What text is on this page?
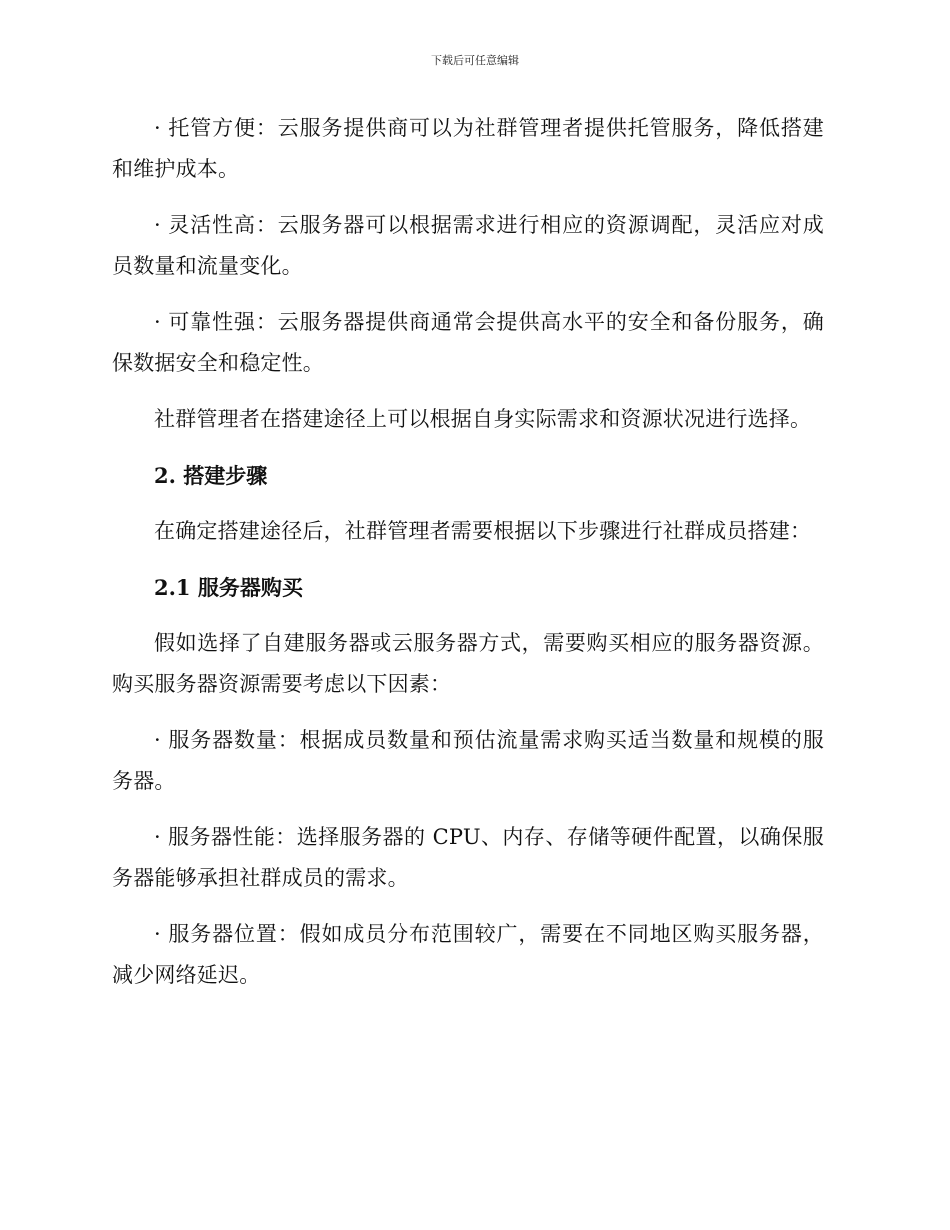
下载后可任意编辑

· 托管方便：云服务提供商可以为社群管理者提供托管服务，降低搭建和维护成本。

· 灵活性高：云服务器可以根据需求进行相应的资源调配，灵活应对成员数量和流量变化。

· 可靠性强：云服务器提供商通常会提供高水平的安全和备份服务，确保数据安全和稳定性。

社群管理者在搭建途径上可以根据自身实际需求和资源状况进行选择。

2. 搭建步骤

在确定搭建途径后，社群管理者需要根据以下步骤进行社群成员搭建：

2.1 服务器购买

假如选择了自建服务器或云服务器方式，需要购买相应的服务器资源。购买服务器资源需要考虑以下因素：

· 服务器数量：根据成员数量和预估流量需求购买适当数量和规模的服务器。

· 服务器性能：选择服务器的 CPU、内存、存储等硬件配置，以确保服务器能够承担社群成员的需求。

· 服务器位置：假如成员分布范围较广，需要在不同地区购买服务器，减少网络延迟。
